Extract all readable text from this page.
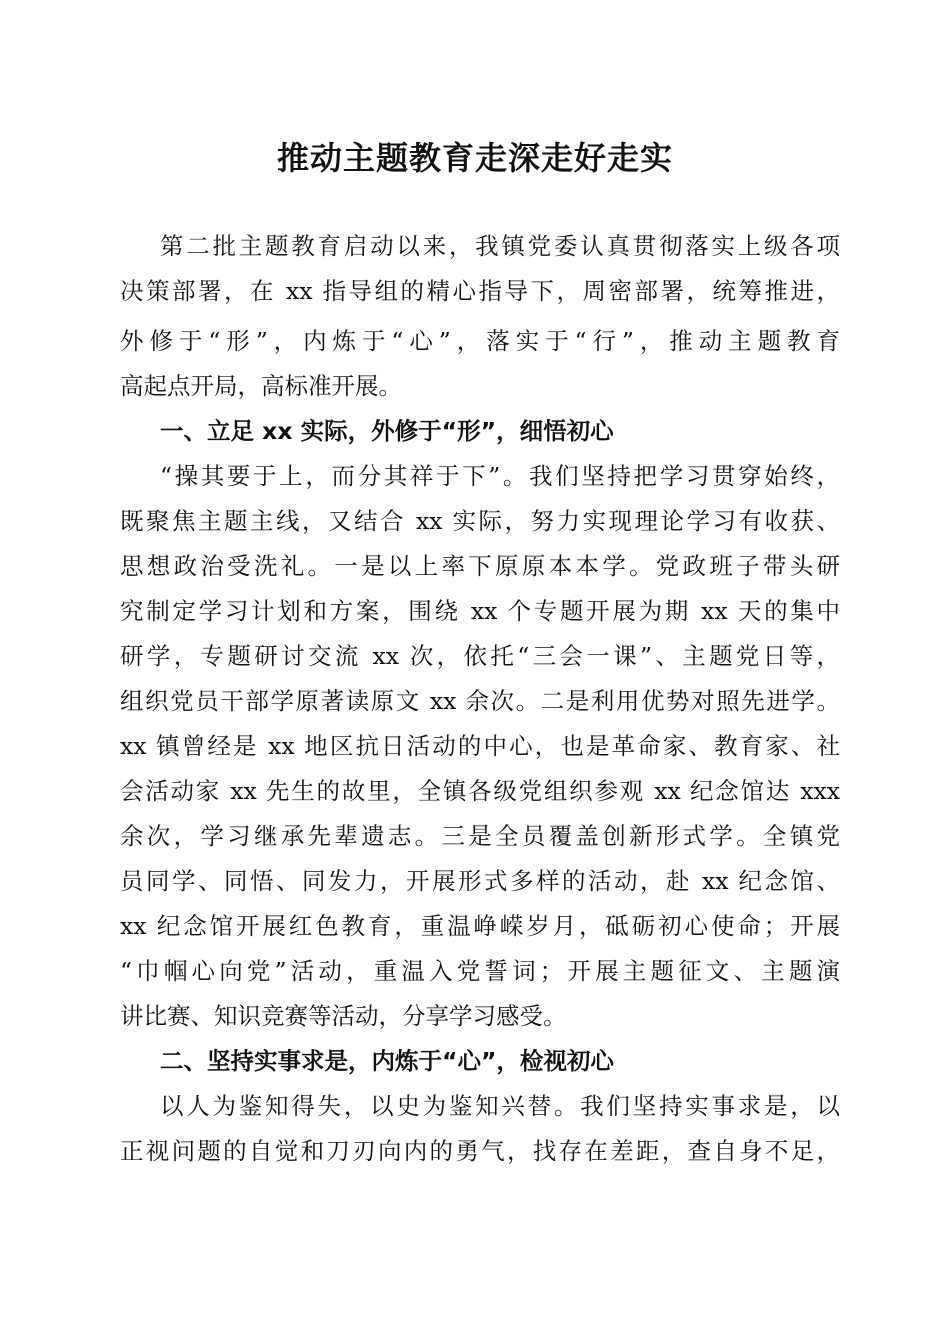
推动主题教育走深走好走实

第二批主题教育启动以来，我镇党委认真贯彻落实上级各项

决策部署，在 xx 指导组的精心指导下，周密部署，统筹推进，

外修于“形”，内炼于“心”，落实于“行”，推动主题教育

高起点开局，高标准开展。

一、立足 xx 实际，外修于“形”，细悟初心

“操其要于上，而分其祥于下”。我们坚持把学习贯穿始终，

既聚焦主题主线，又结合 xx 实际，努力实现理论学习有收获、

思想政治受洗礼。一是以上率下原原本本学。党政班子带头研

究制定学习计划和方案，围绕 xx 个专题开展为期 xx 天的集中

研学，专题研讨交流 xx 次，依托“三会一课”、主题党日等，

组织党员干部学原著读原文 xx 余次。二是利用优势对照先进学。

xx 镇曾经是 xx 地区抗日活动的中心，也是革命家、教育家、社

会活动家 xx 先生的故里，全镇各级党组织参观 xx 纪念馆达 xxx

余次，学习继承先辈遗志。三是全员覆盖创新形式学。全镇党

员同学、同悟、同发力，开展形式多样的活动，赴 xx 纪念馆、

xx 纪念馆开展红色教育，重温峥嵘岁月，砥砺初心使命；开展

“巾帼心向党”活动，重温入党誓词；开展主题征文、主题演

讲比赛、知识竞赛等活动，分享学习感受。

二、坚持实事求是，内炼于“心”，检视初心

以人为鉴知得失，以史为鉴知兴替。我们坚持实事求是，以

正视问题的自觉和刀刃向内的勇气，找存在差距，查自身不足，
